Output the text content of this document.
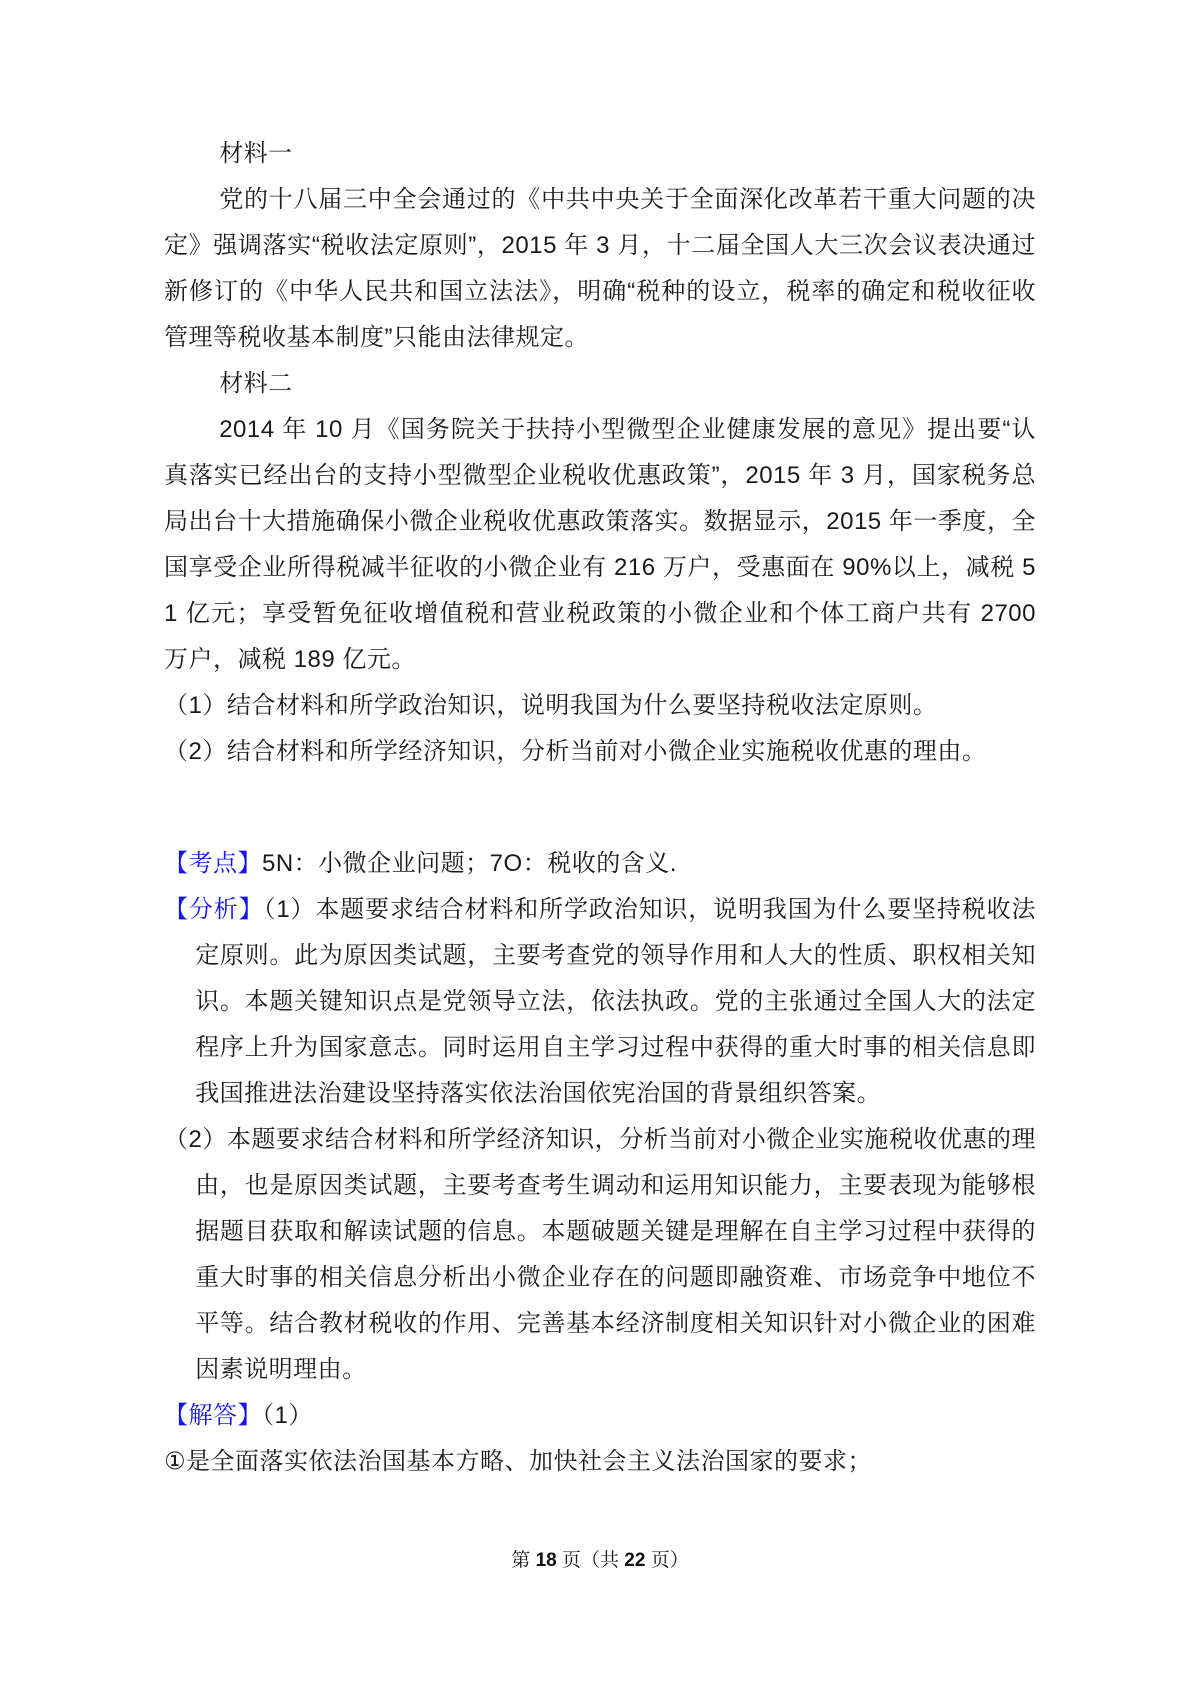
材料一

党的十八届三中全会通过的《中共中央关于全面深化改革若干重大问题的决定》强调落实“税收法定原则”，2015 年 3 月，十二届全国人大三次会议表决通过新修订的《中华人民共和国立法法》，明确“税种的设立，税率的确定和税收征收管理等税收基本制度”只能由法律规定。

材料二

2014 年 10 月《国务院关于扶持小型微型企业健康发展的意见》提出要“认真落实已经出台的支持小型微型企业税收优惠政策”，2015 年 3 月，国家税务总局出台十大措施确保小微企业税收优惠政策落实。数据显示，2015 年一季度，全国享受企业所得税减半征收的小微企业有 216 万户，受惠面在 90%以上，减税 51 亿元；享受暂免征收增值税和营业税政策的小微企业和个体工商户共有 2700 万户，减税 189 亿元。

（1）结合材料和所学政治知识，说明我国为什么要坚持税收法定原则。

（2）结合材料和所学经济知识，分析当前对小微企业实施税收优惠的理由。

【考点】5N：小微企业问题；7O：税收的含义.

【分析】（1）本题要求结合材料和所学政治知识，说明我国为什么要坚持税收法定原则。此为原因类试题，主要考查党的领导作用和人大的性质、职权相关知识。本题关键知识点是党领导立法，依法执政。党的主张通过全国人大的法定程序上升为国家意志。同时运用自主学习过程中获得的重大时事的相关信息即我国推进法治建设坚持落实依法治国依宪治国的背景组织答案。

（2）本题要求结合材料和所学经济知识，分析当前对小微企业实施税收优惠的理由，也是原因类试题，主要考查考生调动和运用知识能力，主要表现为能够根据题目获取和解读试题的信息。本题破题关键是理解在自主学习过程中获得的重大时事的相关信息分析出小微企业存在的问题即融资难、市场竞争中地位不平等。结合教材税收的作用、完善基本经济制度相关知识针对小微企业的困难因素说明理由。

【解答】（1）

①是全面落实依法治国基本方略、加快社会主义法治国家的要求；

第 18 页（共 22 页）
